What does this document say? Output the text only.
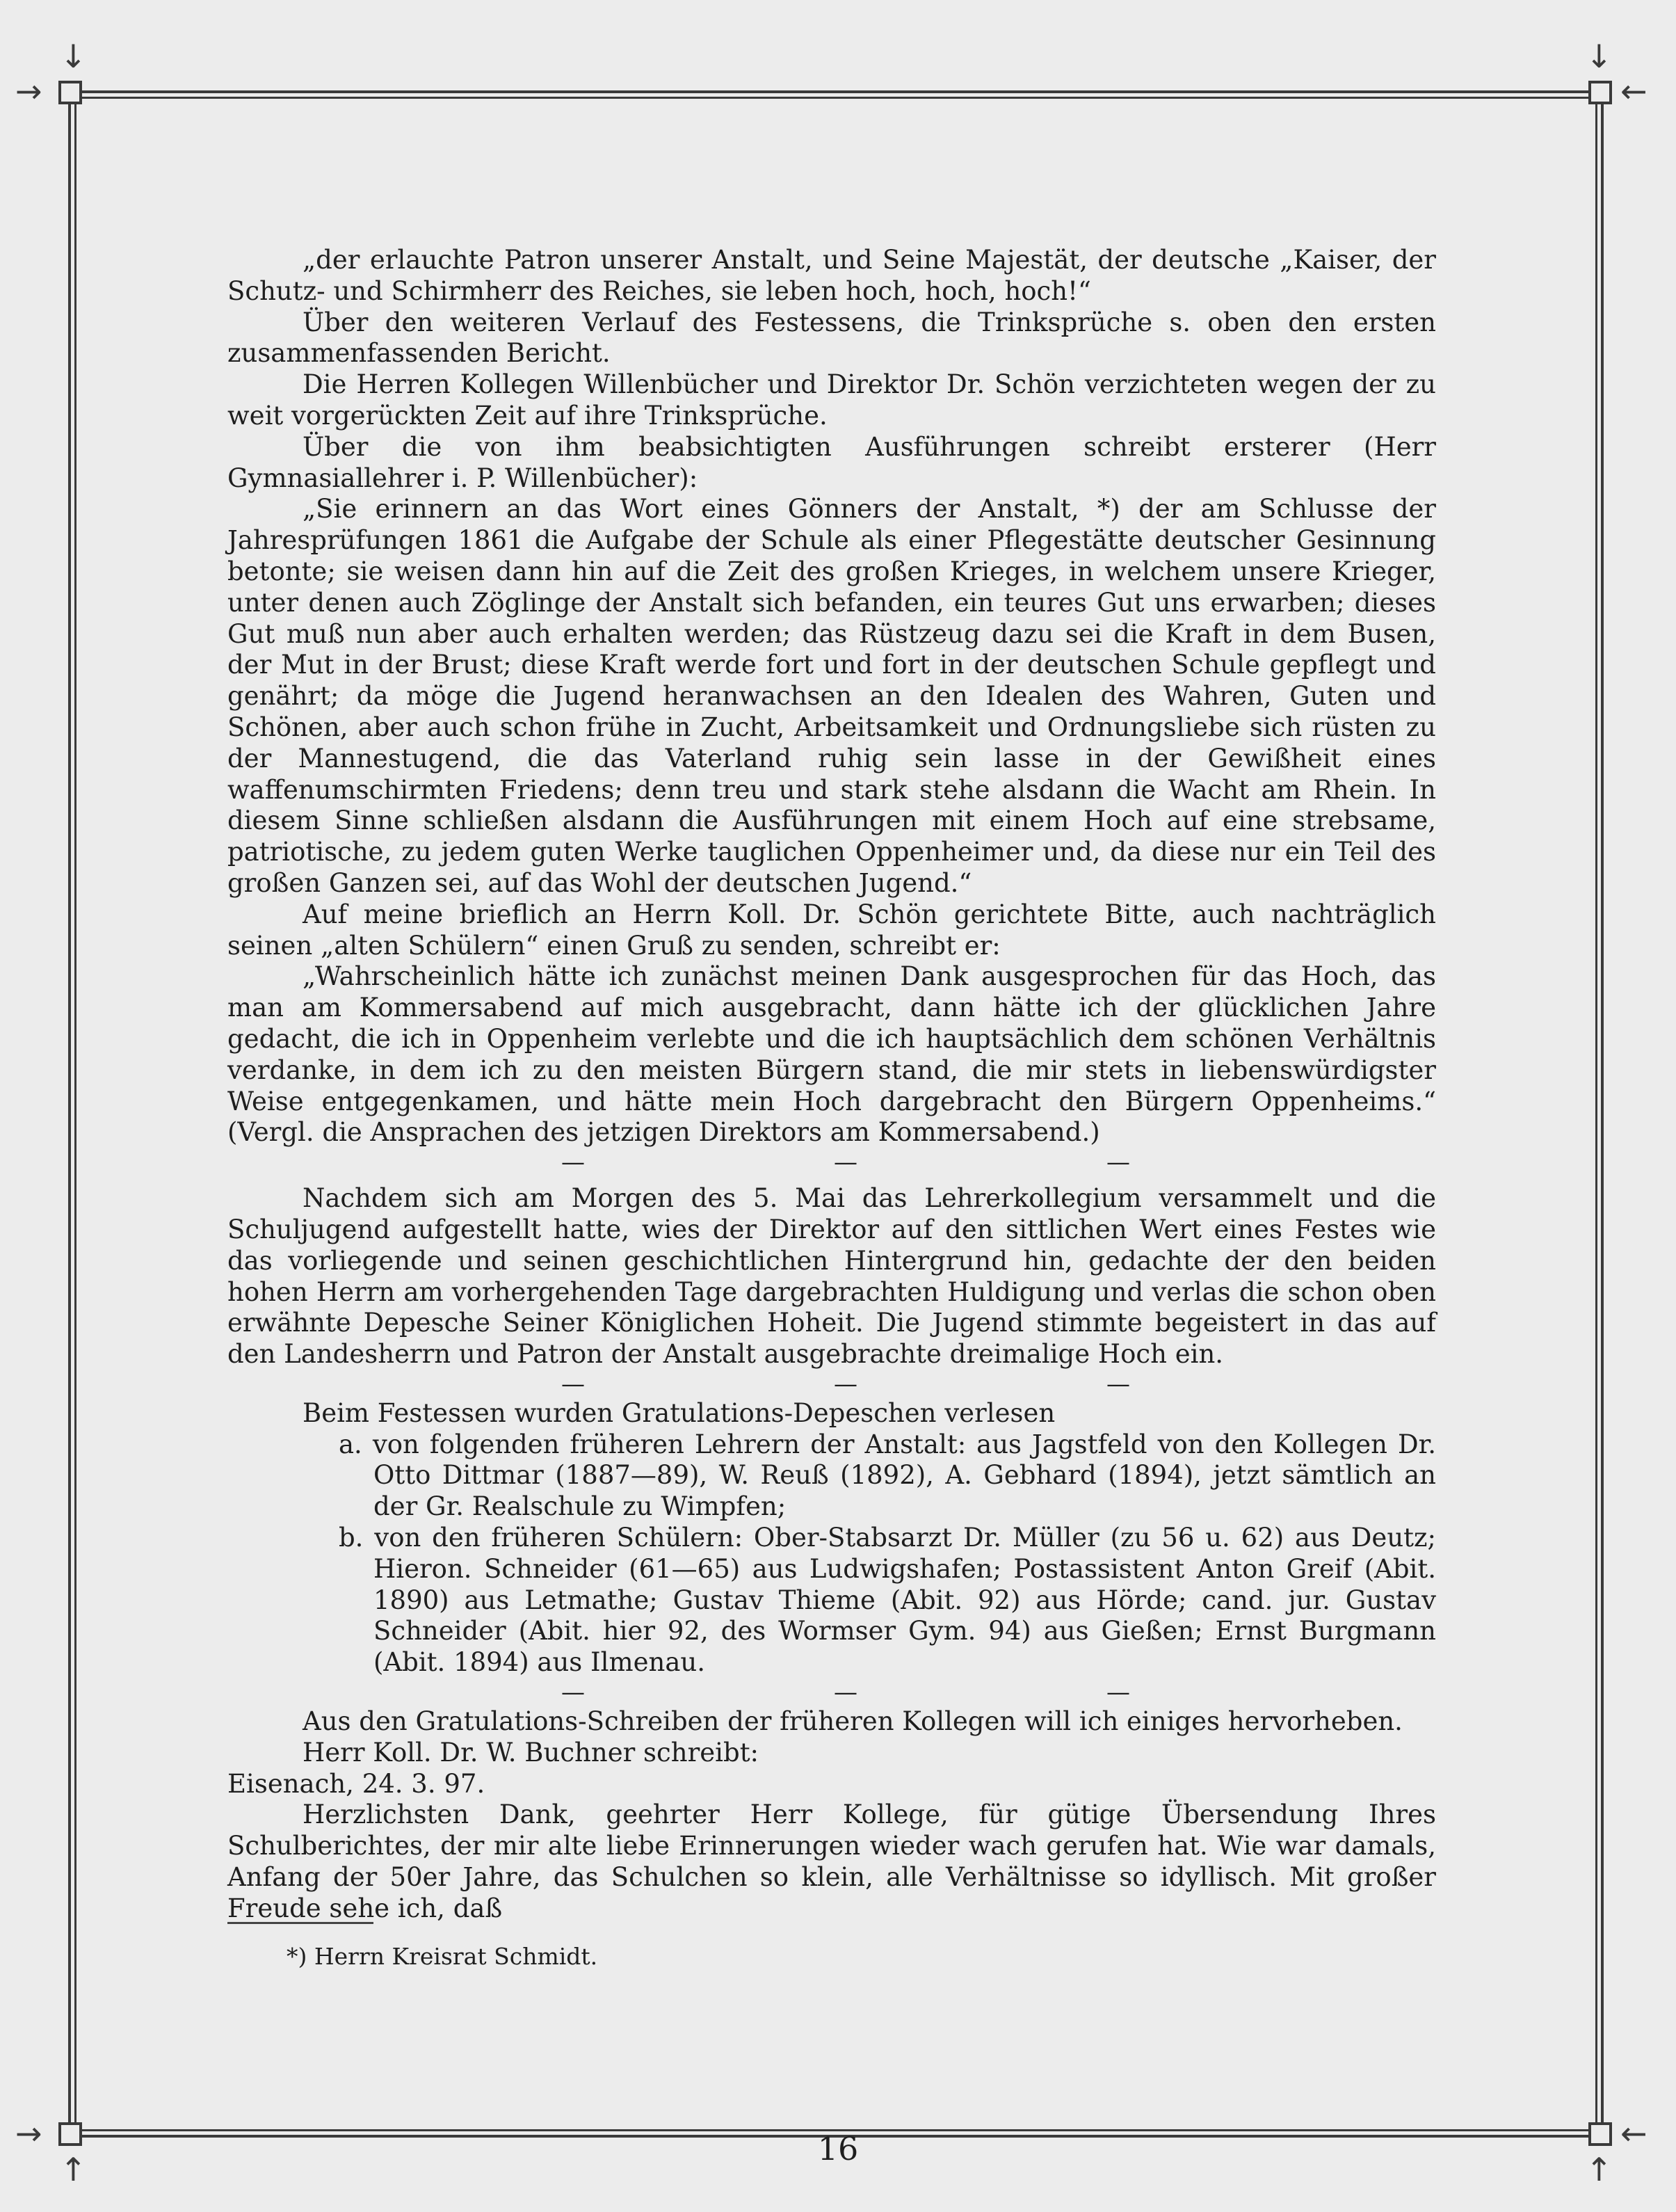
→
↓
←
↓
→
↑
←
↑

„der erlauchte Patron unserer Anstalt, und Seine Majestät, der deutsche „Kaiser, der Schutz- und Schirmherr des Reiches, sie leben hoch, hoch, hoch!“

Über den weiteren Verlauf des Festessens, die Trinksprüche s. oben den ersten zusammenfassenden Bericht.

Die Herren Kollegen Willenbücher und Direktor Dr. Schön verzichteten wegen der zu weit vorgerückten Zeit auf ihre Trinksprüche.

Über die von ihm beabsichtigten Ausführungen schreibt ersterer (Herr Gymnasiallehrer i. P. Willenbücher):

„Sie erinnern an das Wort eines Gönners der Anstalt, *) der am Schlusse der Jahresprüfungen 1861 die Aufgabe der Schule als einer Pflegestätte deutscher Gesinnung betonte; sie weisen dann hin auf die Zeit des großen Krieges, in welchem unsere Krieger, unter denen auch Zöglinge der Anstalt sich befanden, ein teures Gut uns erwarben; dieses Gut muß nun aber auch erhalten werden; das Rüstzeug dazu sei die Kraft in dem Busen, der Mut in der Brust; diese Kraft werde fort und fort in der deutschen Schule gepflegt und genährt; da möge die Jugend heranwachsen an den Idealen des Wahren, Guten und Schönen, aber auch schon frühe in Zucht, Arbeitsamkeit und Ordnungsliebe sich rüsten zu der Mannestugend, die das Vaterland ruhig sein lasse in der Gewißheit eines waffenumschirmten Friedens; denn treu und stark stehe alsdann die Wacht am Rhein. In diesem Sinne schließen alsdann die Ausführungen mit einem Hoch auf eine strebsame, patriotische, zu jedem guten Werke tauglichen Oppenheimer und, da diese nur ein Teil des großen Ganzen sei, auf das Wohl der deutschen Jugend.“

Auf meine brieflich an Herrn Koll. Dr. Schön gerichtete Bitte, auch nachträglich seinen „alten Schülern“ einen Gruß zu senden, schreibt er:

„Wahrscheinlich hätte ich zunächst meinen Dank ausgesprochen für das Hoch, das man am Kommersabend auf mich ausgebracht, dann hätte ich der glücklichen Jahre gedacht, die ich in Oppenheim verlebte und die ich hauptsächlich dem schönen Verhältnis verdanke, in dem ich zu den meisten Bürgern stand, die mir stets in liebenswürdigster Weise entgegenkamen, und hätte mein Hoch dargebracht den Bürgern Oppenheims.“ (Vergl. die Ansprachen des jetzigen Direktors am Kommersabend.)

—	—	—

Nachdem sich am Morgen des 5. Mai das Lehrerkollegium versammelt und die Schuljugend aufgestellt hatte, wies der Direktor auf den sittlichen Wert eines Festes wie das vorliegende und seinen geschichtlichen Hintergrund hin, gedachte der den beiden hohen Herrn am vorhergehenden Tage dargebrachten Huldigung und verlas die schon oben erwähnte Depesche Seiner Königlichen Hoheit. Die Jugend stimmte begeistert in das auf den Landesherrn und Patron der Anstalt ausgebrachte dreimalige Hoch ein.

—	—	—

Beim Festessen wurden Gratulations-Depeschen verlesen

a. von folgenden früheren Lehrern der Anstalt: aus Jagstfeld von den Kollegen Dr. Otto Dittmar (1887—89), W. Reuß (1892), A. Gebhard (1894), jetzt sämtlich an der Gr. Realschule zu Wimpfen;

b. von den früheren Schülern: Ober-Stabsarzt Dr. Müller (zu 56 u. 62) aus Deutz; Hieron. Schneider (61—65) aus Ludwigshafen; Postassistent Anton Greif (Abit. 1890) aus Letmathe; Gustav Thieme (Abit. 92) aus Hörde; cand. jur. Gustav Schneider (Abit. hier 92, des Wormser Gym. 94) aus Gießen; Ernst Burgmann (Abit. 1894) aus Ilmenau.

—	—	—

Aus den Gratulations-Schreiben der früheren Kollegen will ich einiges hervorheben.

Herr Koll. Dr. W. Buchner schreibt:

Eisenach, 24. 3. 97.

Herzlichsten Dank, geehrter Herr Kollege, für gütige Übersendung Ihres Schulberichtes, der mir alte liebe Erinnerungen wieder wach gerufen hat. Wie war damals, Anfang der 50er Jahre, das Schulchen so klein, alle Verhältnisse so idyllisch. Mit großer Freude sehe ich, daß

*) Herrn Kreisrat Schmidt.
16
